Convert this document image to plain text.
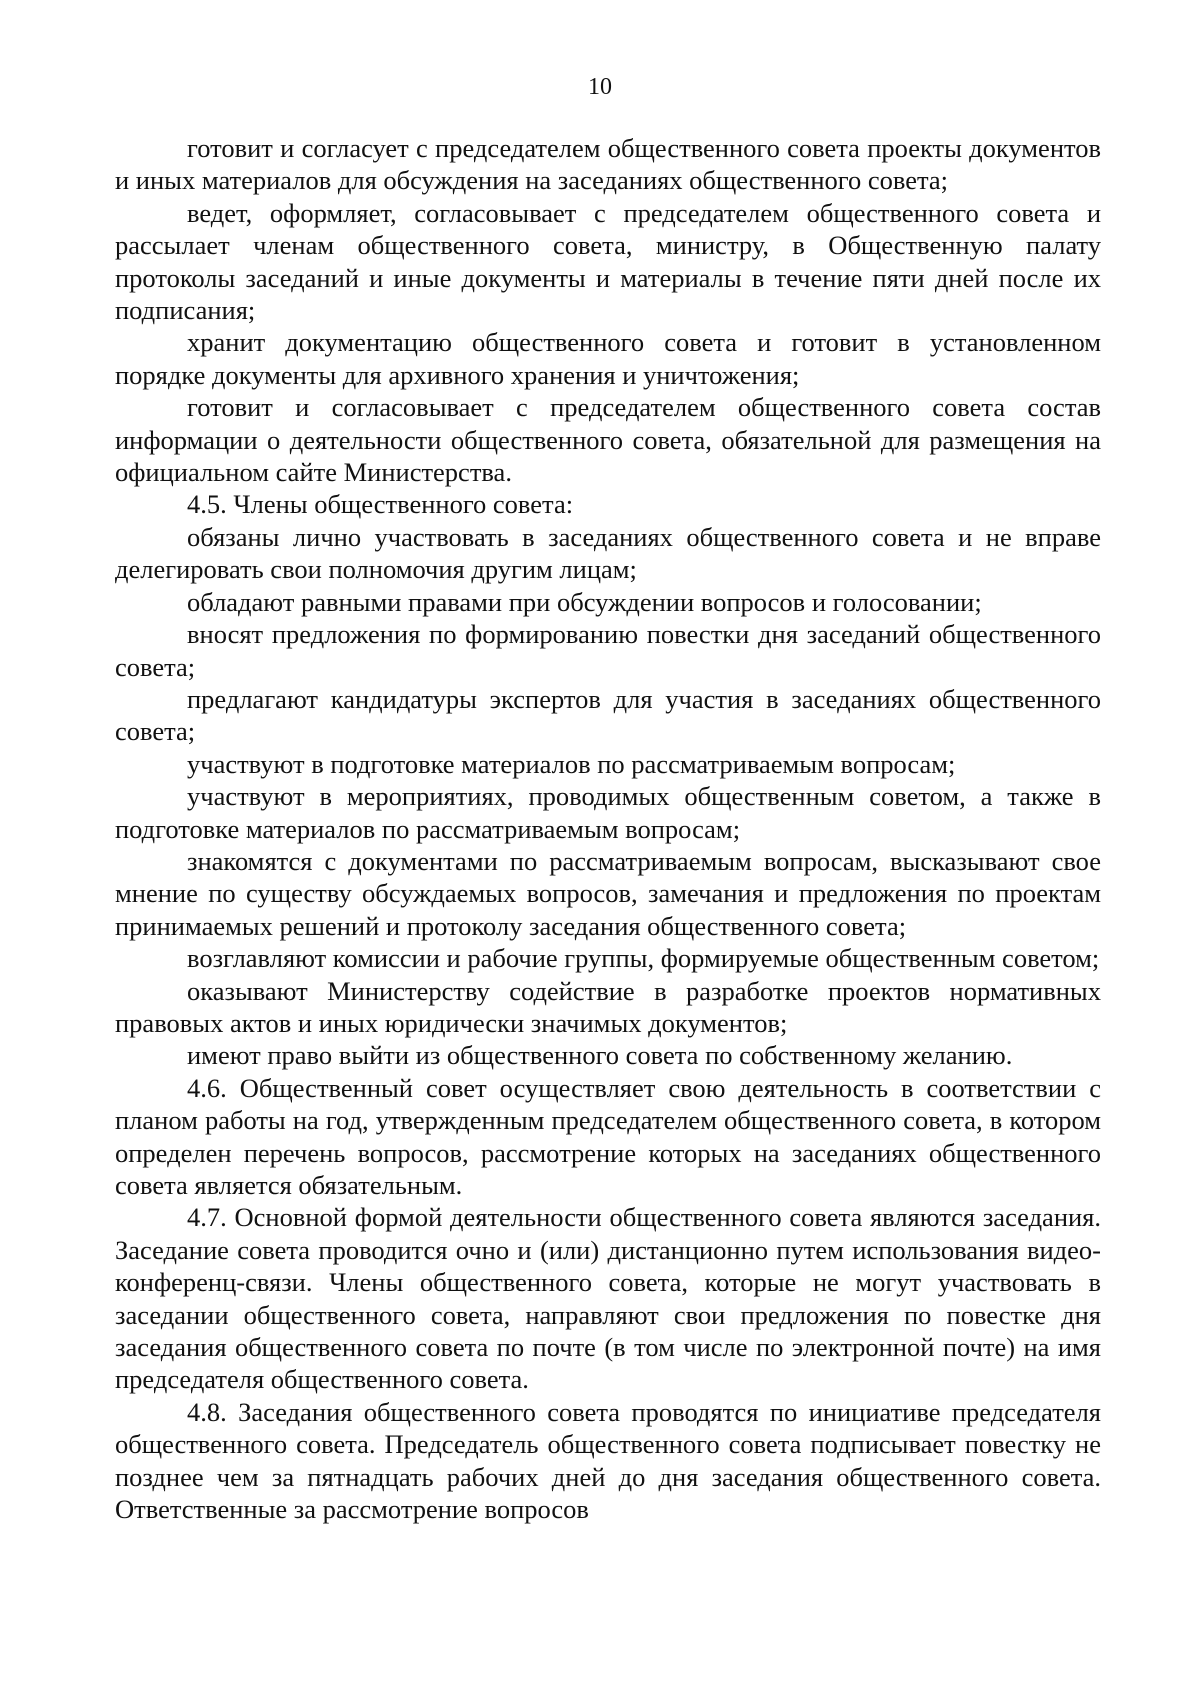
10

готовит и согласует с председателем общественного совета проекты документов и иных материалов для обсуждения на заседаниях общественного совета;

ведет, оформляет, согласовывает с председателем общественного совета и рассылает членам общественного совета, министру, в Общественную палату протоколы заседаний и иные документы и материалы в течение пяти дней после их подписания;

хранит документацию общественного совета и готовит в установленном порядке документы для архивного хранения и уничтожения;

готовит и согласовывает с председателем общественного совета состав информации о деятельности общественного совета, обязательной для размещения на официальном сайте Министерства.

4.5. Члены общественного совета:

обязаны лично участвовать в заседаниях общественного совета и не вправе делегировать свои полномочия другим лицам;

обладают равными правами при обсуждении вопросов и голосовании;

вносят предложения по формированию повестки дня заседаний общественного совета;

предлагают кандидатуры экспертов для участия в заседаниях общественного совета;

участвуют в подготовке материалов по рассматриваемым вопросам;

участвуют в мероприятиях, проводимых общественным советом, а также в подготовке материалов по рассматриваемым вопросам;

знакомятся с документами по рассматриваемым вопросам, высказывают свое мнение по существу обсуждаемых вопросов, замечания и предложения по проектам принимаемых решений и протоколу заседания общественного совета;

возглавляют комиссии и рабочие группы, формируемые общественным советом;

оказывают Министерству содействие в разработке проектов нормативных правовых актов и иных юридически значимых документов;

имеют право выйти из общественного совета по собственному желанию.

4.6. Общественный совет осуществляет свою деятельность в соответствии с планом работы на год, утвержденным председателем общественного совета, в котором определен перечень вопросов, рассмотрение которых на заседаниях общественного совета является обязательным.

4.7. Основной формой деятельности общественного совета являются заседания. Заседание совета проводится очно и (или) дистанционно путем использования видео-конференц-связи. Члены общественного совета, которые не могут участвовать в заседании общественного совета, направляют свои предложения по повестке дня заседания общественного совета по почте (в том числе по электронной почте) на имя председателя общественного совета.

4.8. Заседания общественного совета проводятся по инициативе председателя общественного совета. Председатель общественного совета подписывает повестку не позднее чем за пятнадцать рабочих дней до дня заседания общественного совета. Ответственные за рассмотрение вопросов
